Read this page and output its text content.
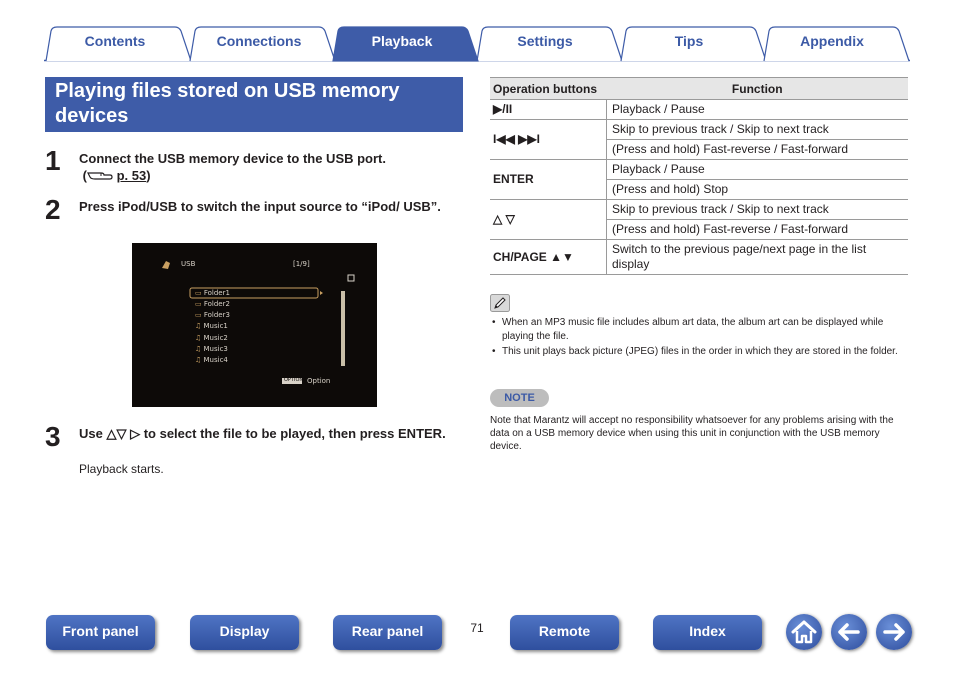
Contents	Connections	Playback	Settings	Tips	Appendix
Playing files stored on USB memory devices
1 Connect the USB memory device to the USB port.
( p. 53)
2 Press iPod/USB to switch the input source to “iPod/ USB”.
USB	[1/9]
▭ Folder1
▭ Folder2
▭ Folder3
♫ Music1
♫ Music2
♫ Music3
♫ Music4
OPTION Option
3 Use △▽ ▷ to select the file to be played, then press ENTER.
Playback starts.
Operation buttons	Function
▶/II	Playback / Pause
I◀◀ ▶▶I	Skip to previous track / Skip to next track
	(Press and hold) Fast-reverse / Fast-forward
ENTER	Playback / Pause
	(Press and hold) Stop
△ ▽	Skip to previous track / Skip to next track
	(Press and hold) Fast-reverse / Fast-forward
CH/PAGE ▲▼	Switch to the previous page/next page in the list display
• When an MP3 music file includes album art data, the album art can be displayed while playing the file.
• This unit plays back picture (JPEG) files in the order in which they are stored in the folder.
NOTE
Note that Marantz will accept no responsibility whatsoever for any problems arising with the data on a USB memory device when using this unit in conjunction with the USB memory device.
Front panel	Display	Rear panel	71	Remote	Index
